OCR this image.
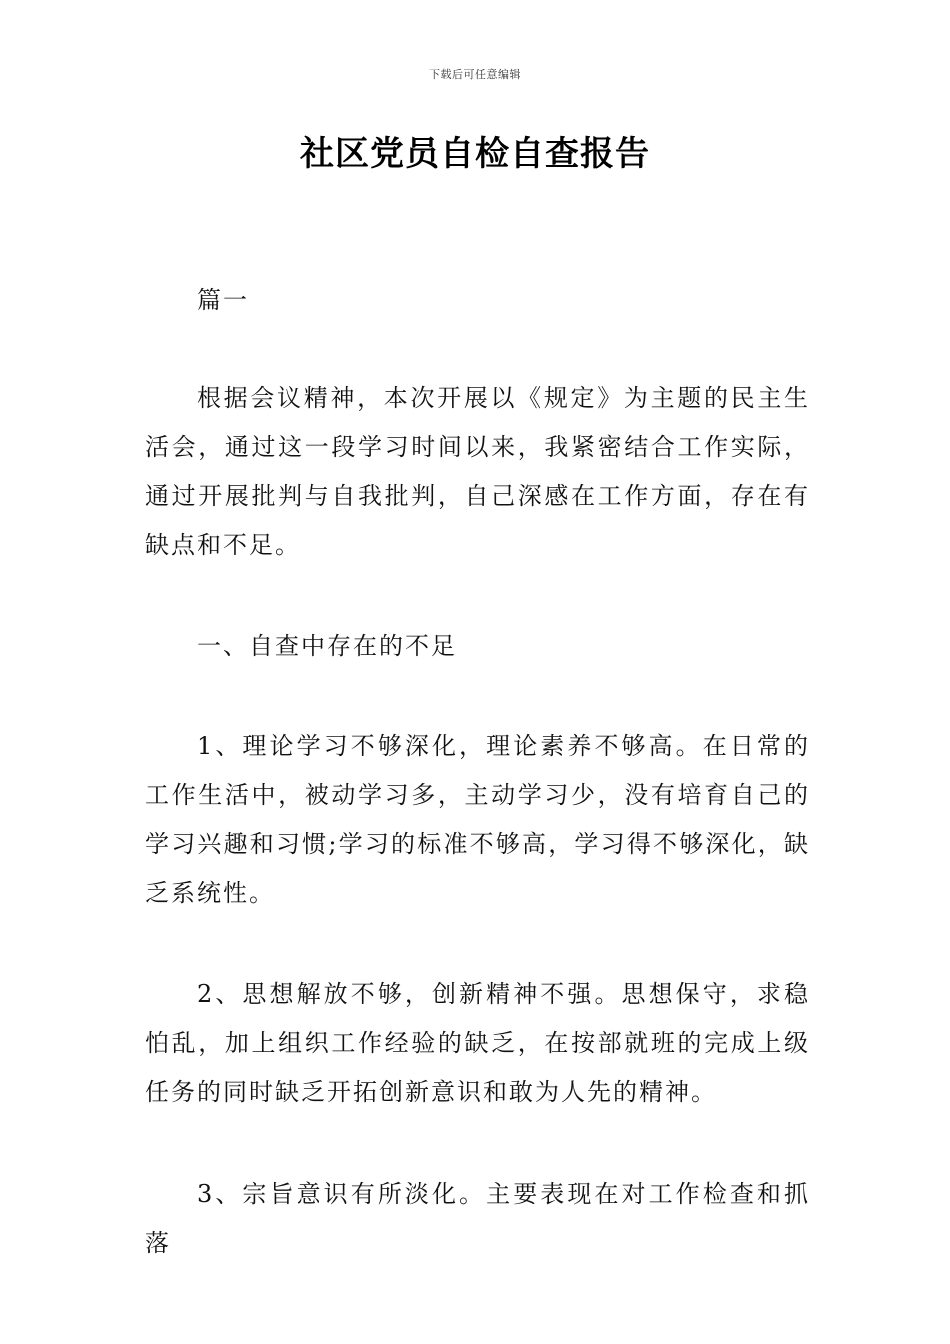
下载后可任意编辑
社区党员自检自查报告

篇一

根据会议精神，本次开展以《规定》为主题的民主生活会，通过这一段学习时间以来，我紧密结合工作实际，通过开展批判与自我批判，自己深感在工作方面，存在有缺点和不足。

一、自查中存在的不足

1、理论学习不够深化，理论素养不够高。在日常的工作生活中，被动学习多，主动学习少，没有培育自己的学习兴趣和习惯;学习的标准不够高，学习得不够深化，缺乏系统性。

2、思想解放不够，创新精神不强。思想保守，求稳怕乱，加上组织工作经验的缺乏，在按部就班的完成上级任务的同时缺乏开拓创新意识和敢为人先的精神。

3、宗旨意识有所淡化。主要表现在对工作检查和抓落
